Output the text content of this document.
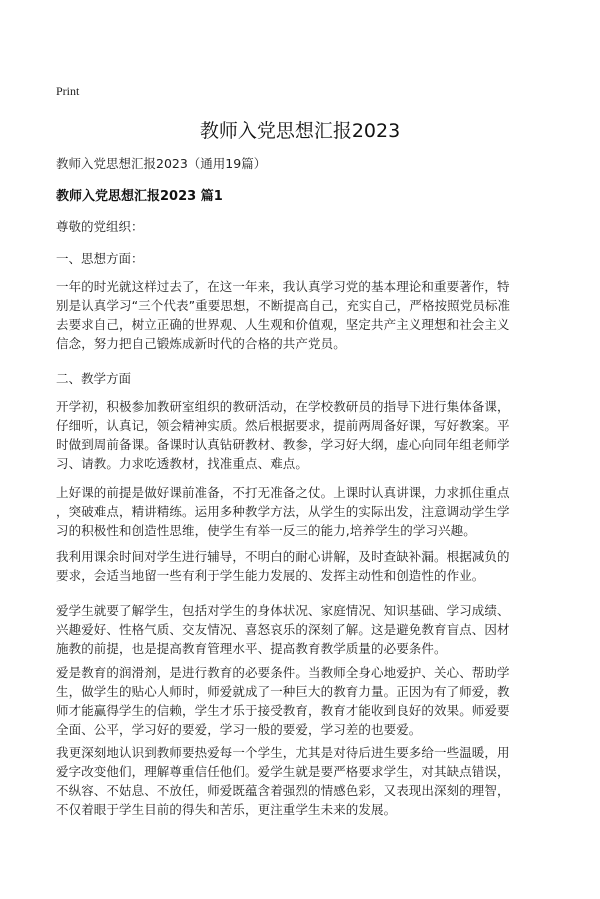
Print
教师入党思想汇报2023
教师入党思想汇报2023（通用19篇）
教师入党思想汇报2023 篇1
尊敬的党组织：
一、思想方面：
一年的时光就这样过去了，在这一年来，我认真学习党的基本理论和重要著作，特
别是认真学习“三个代表”重要思想，不断提高自己，充实自己，严格按照党员标准
去要求自己，树立正确的世界观、人生观和价值观，坚定共产主义理想和社会主义
信念，努力把自己锻炼成新时代的合格的共产党员。
二、教学方面
开学初，积极参加教研室组织的教研活动，在学校教研员的指导下进行集体备课，
仔细听，认真记，领会精神实质。然后根据要求，提前两周备好课，写好教案。平
时做到周前备课。备课时认真钻研教材、教参，学习好大纲，虚心向同年组老师学
习、请教。力求吃透教材，找准重点、难点。
上好课的前提是做好课前准备，不打无准备之仗。上课时认真讲课，力求抓住重点
，突破难点，精讲精练。运用多种教学方法，从学生的实际出发，注意调动学生学
习的积极性和创造性思维，使学生有举一反三的能力,培养学生的学习兴趣。
我利用课余时间对学生进行辅导，不明白的耐心讲解，及时查缺补漏。根据减负的
要求，会适当地留一些有利于学生能力发展的、发挥主动性和创造性的作业。
爱学生就要了解学生，包括对学生的身体状况、家庭情况、知识基础、学习成绩、
兴趣爱好、性格气质、交友情况、喜怒哀乐的深刻了解。这是避免教育盲点、因材
施教的前提，也是提高教育管理水平、提高教育教学质量的必要条件。
爱是教育的润滑剂，是进行教育的必要条件。当教师全身心地爱护、关心、帮助学
生，做学生的贴心人师时，师爱就成了一种巨大的教育力量。正因为有了师爱，教
师才能赢得学生的信赖，学生才乐于接受教育，教育才能收到良好的效果。师爱要
全面、公平，学习好的要爱，学习一般的要爱，学习差的也要爱。
我更深刻地认识到教师要热爱每一个学生，尤其是对待后进生要多给一些温暖，用
爱字改变他们，理解尊重信任他们。爱学生就是要严格要求学生，对其缺点错误，
不纵容、不姑息、不放任，师爱既蕴含着强烈的情感色彩，又表现出深刻的理智，
不仅着眼于学生目前的得失和苦乐，更注重学生未来的发展。
